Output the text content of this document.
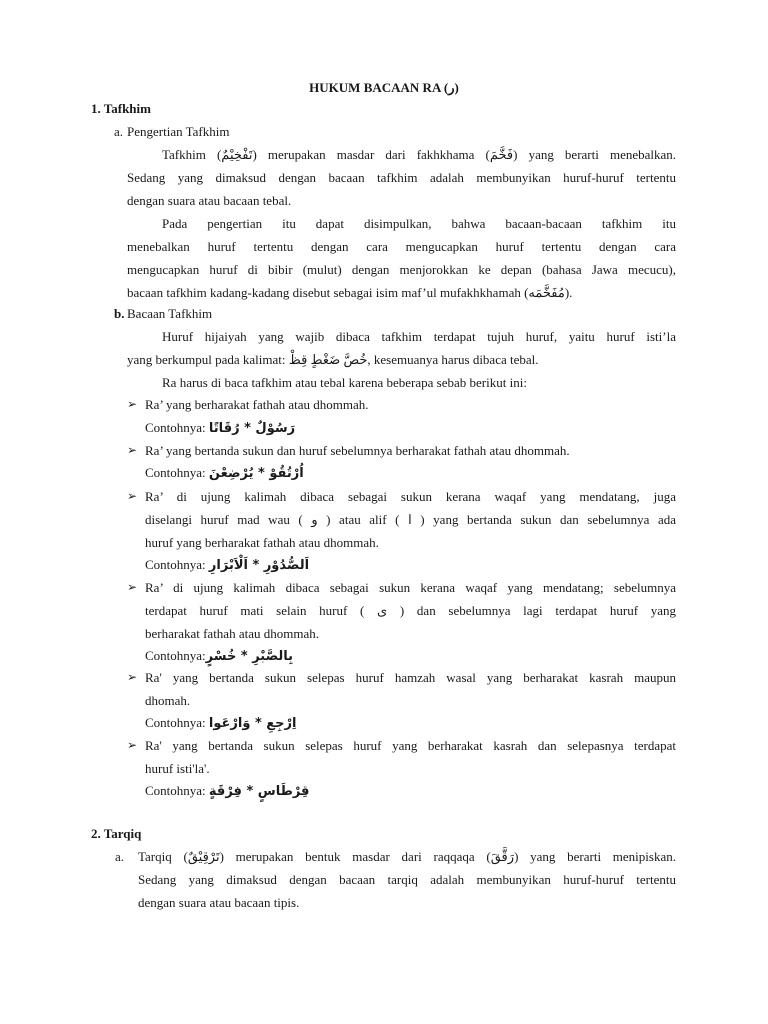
HUKUM BACAAN RA (ر)
1. Tafkhim
a. Pengertian Tafkhim
Tafkhim (تَفْخِيْمٌ) merupakan masdar dari fakhkhama (فَخَّمَ) yang berarti menebalkan.
Sedang yang dimaksud dengan bacaan tafkhim adalah membunyikan huruf-huruf tertentu
dengan suara atau bacaan tebal.
Pada pengertian itu dapat disimpulkan, bahwa bacaan-bacaan tafkhim itu
menebalkan huruf tertentu dengan cara mengucapkan huruf tertentu dengan cara
mengucapkan huruf di bibir (mulut) dengan menjorokkan ke depan (bahasa Jawa mecucu),
bacaan tafkhim kadang-kadang disebut sebagai isim maf’ul mufakhkhamah (مُفَخَّمَه).
b. Bacaan Tafkhim
Huruf hijaiyah yang wajib dibaca tafkhim terdapat tujuh huruf, yaitu huruf isti’la
yang berkumpul pada kalimat: خُصَّ ضَغْطٍ قِظْ, kesemuanya harus dibaca tebal.
Ra harus di baca tafkhim atau tebal karena beberapa sebab berikut ini:
➢ Ra’ yang berharakat fathah atau dhommah.
Contohnya: رَسُوْلٌ * رُقَاتًا
➢ Ra’ yang bertanda sukun dan huruf sebelumnya berharakat fathah atau dhommah.
Contohnya: اُرْتُقُوْ * يُرْضِعْنَ
➢ Ra’ di ujung kalimah dibaca sebagai sukun kerana waqaf yang mendatang, juga
diselangi huruf mad wau ( و ) atau alif ( ا ) yang bertanda sukun dan sebelumnya ada
huruf yang berharakat fathah atau dhommah.
Contohnya: اَلصُّدُوْرِ * اَلْاَبْرَارِ
➢ Ra’ di ujung kalimah dibaca sebagai sukun kerana waqaf yang mendatang; sebelumnya
terdapat huruf mati selain huruf ( ى ) dan sebelumnya lagi terdapat huruf yang
berharakat fathah atau dhommah.
Contohnya:بِالصَّبْرِ * خُسْرٍ
➢ Ra' yang bertanda sukun selepas huruf hamzah wasal yang berharakat kasrah maupun
dhomah.
Contohnya: اِرْجِعِ * وَارْعَوا
➢ Ra' yang bertanda sukun selepas huruf yang berharakat kasrah dan selepasnya terdapat
huruf isti'la'.
Contohnya: قِرْطَاسٍ * فِرْقَةٍ
2. Tarqiq
a. Tarqiq (تَرْقِيْقٌ) merupakan bentuk masdar dari raqqaqa (رَقَّقَ) yang berarti menipiskan.
Sedang yang dimaksud dengan bacaan tarqiq adalah membunyikan huruf-huruf tertentu
dengan suara atau bacaan tipis.
